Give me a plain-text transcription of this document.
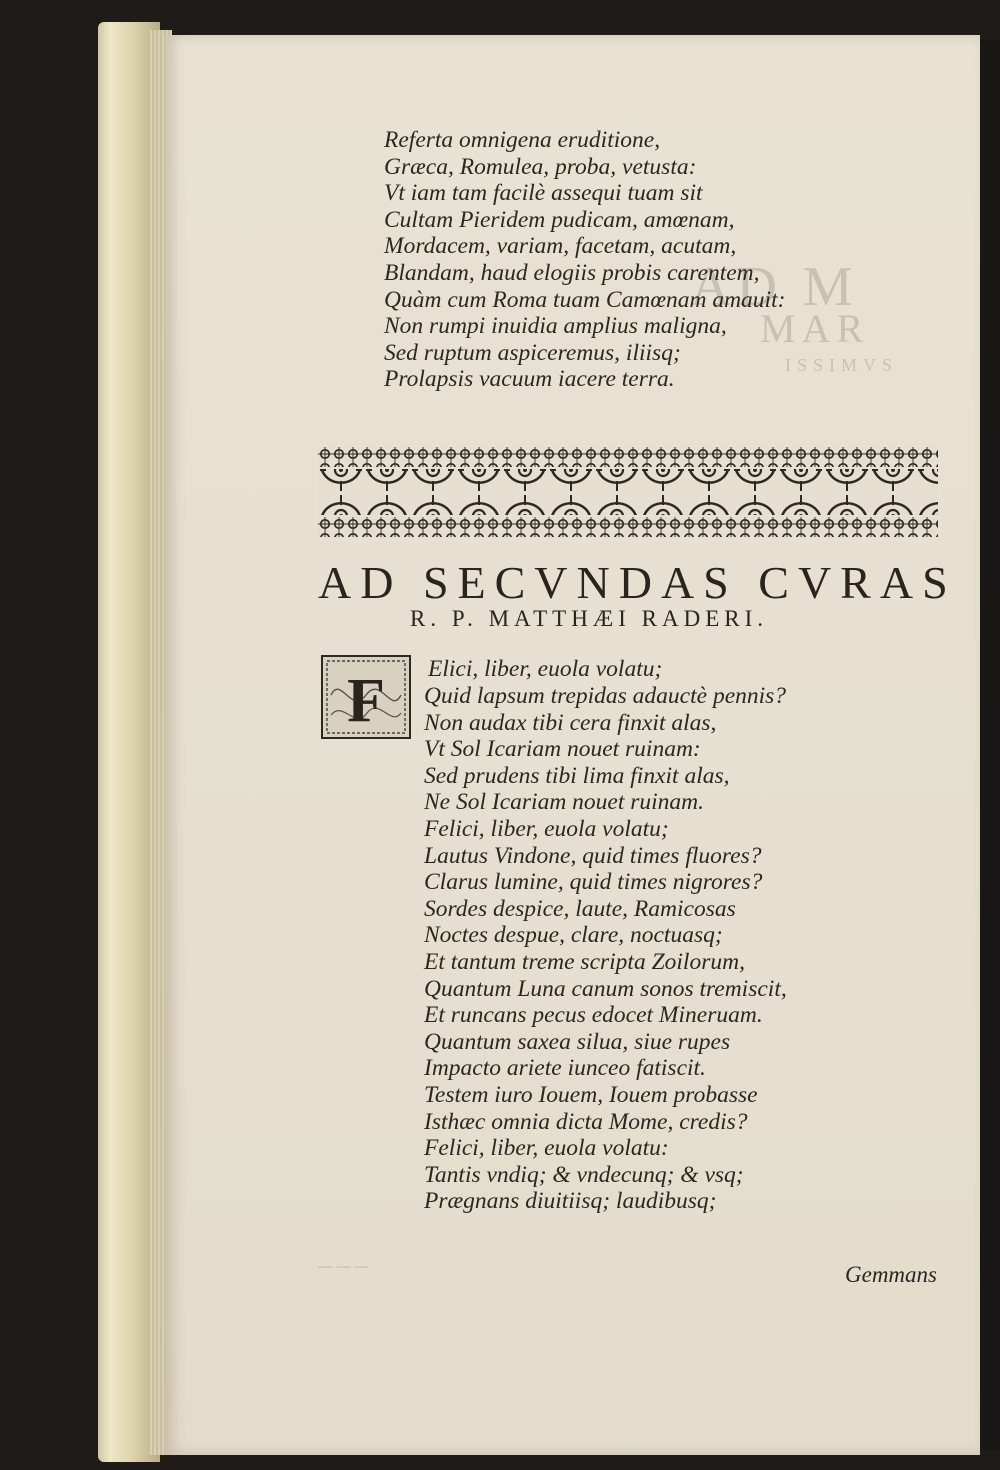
AD M
MAR
ISSIMVS
Referta omnigena eruditione,
Græca, Romulea, proba, vetusta:
Vt iam tam facilè assequi tuam sit
Cultam Pieridem pudicam, amœnam,
Mordacem, variam, facetam, acutam,
Blandam, haud elogiis probis carentem,
Quàm cum Roma tuam Camœnam amauit:
Non rumpi inuidia amplius maligna,
Sed ruptum aspiceremus, iliisq;
Prolapsis vacuum iacere terra.
AD SECVNDAS CVRAS
R. P. MATTHÆI RADERI.
F Elici, liber, euola volatu;
Quid lapsum trepidas adauctè pennis?
Non audax tibi cera finxit alas,
Vt Sol Icariam nouet ruinam:
Sed prudens tibi lima finxit alas,
Ne Sol Icariam nouet ruinam.
Felici, liber, euola volatu;
Lautus Vindone, quid times fluores?
Clarus lumine, quid times nigrores?
Sordes despice, laute, Ramicosas
Noctes despue, clare, noctuasq;
Et tantum treme scripta Zoilorum,
Quantum Luna canum sonos tremiscit,
Et runcans pecus edocet Mineruam.
Quantum saxea silua, siue rupes
Impacto ariete iunceo fatiscit.
Testem iuro Iouem, Iouem probasse
Isthæc omnia dicta Mome, credis?
Felici, liber, euola volatu:
Tantis vndiq; & vndecunq; & vsq;
Prægnans diuitiisq; laudibusq;
— — —	Gemmans
